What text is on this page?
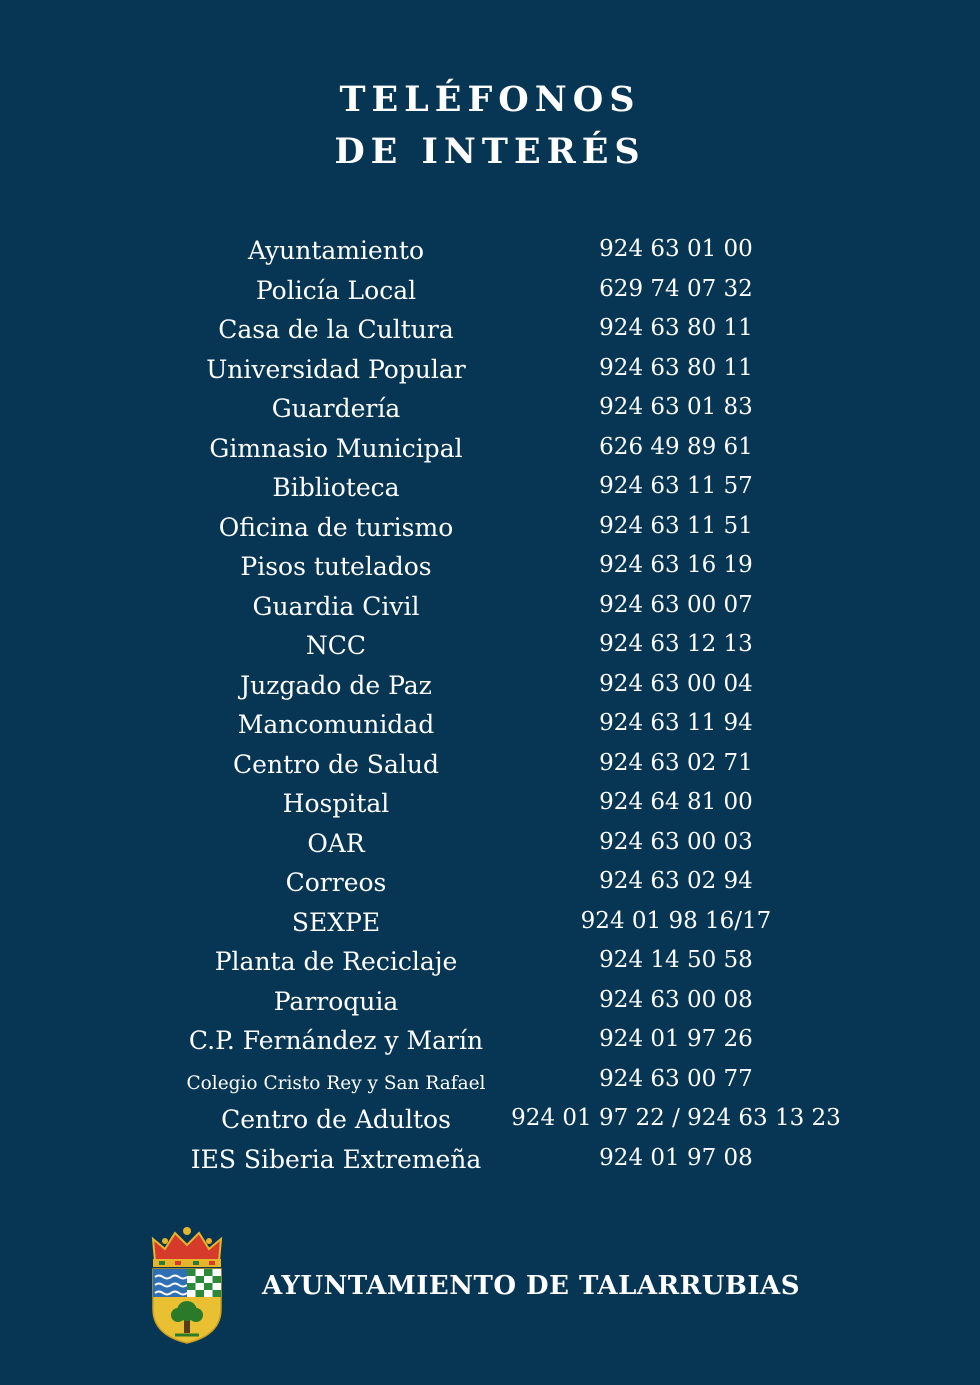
TELÉFONOS
DE INTERÉS
Ayuntamiento	924 63 01 00
Policía Local	629 74 07 32
Casa de la Cultura	924 63 80 11
Universidad Popular	924 63 80 11
Guardería	924 63 01 83
Gimnasio Municipal	626 49 89 61
Biblioteca	924 63 11 57
Oficina de turismo	924 63 11 51
Pisos tutelados	924 63 16 19
Guardia Civil	924 63 00 07
NCC	924 63 12 13
Juzgado de Paz	924 63 00 04
Mancomunidad	924 63 11 94
Centro de Salud	924 63 02 71
Hospital	924 64 81 00
OAR	924 63 00 03
Correos	924 63 02 94
SEXPE	924 01 98 16/17
Planta de Reciclaje	924 14 50 58
Parroquia	924 63 00 08
C.P. Fernández y Marín	924 01 97 26
Colegio Cristo Rey y San Rafael	924 63 00 77
Centro de Adultos	924 01 97 22 / 924 63 13 23
IES Siberia Extremeña	924 01 97 08
AYUNTAMIENTO DE TALARRUBIAS
